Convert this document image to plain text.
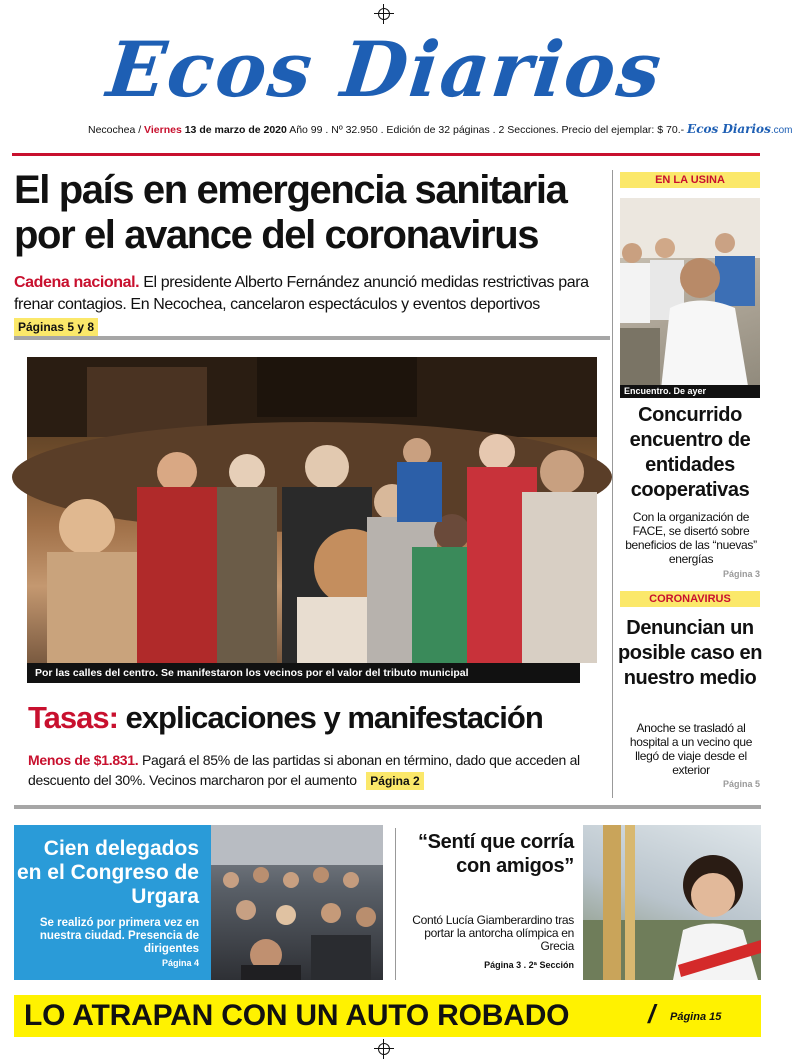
Ecos Diarios
Necochea / Viernes 13 de marzo de 2020 Año 99 . Nº 32.950 . Edición de 32 páginas . 2 Secciones. Precio del ejemplar: $ 70.- Ecos Diarios.com
El país en emergencia sanitaria
por el avance del coronavirus
Cadena nacional. El presidente Alberto Fernández anunció medidas restrictivas para frenar contagios. En Necochea, cancelaron espectáculos y eventos deportivos Páginas 5 y 8
Por las calles del centro. Se manifestaron los vecinos por el valor del tributo municipal
Tasas: explicaciones y manifestación
Menos de $1.831. Pagará el 85% de las partidas si abonan en término, dado que acceden al descuento del 30%. Vecinos marcharon por el aumento Página 2
EN LA USINA
Encuentro. De ayer
Concurrido encuentro de entidades cooperativas
Con la organización de FACE, se disertó sobre beneficios de las “nuevas” energías
Página 3
CORONAVIRUS
Denuncian un posible caso en nuestro medio
Anoche se trasladó al hospital a un vecino que llegó de viaje desde el exterior
Página 5
Cien delegados en el Congreso de Urgara
Se realizó por primera vez en nuestra ciudad. Presencia de dirigentes
Página 4
“Sentí que corría con amigos”
Contó Lucía Giamberardino tras portar la antorcha olímpica en Grecia
Página 3 . 2ª Sección
LO ATRAPAN CON UN AUTO ROBADO	/ Página 15
